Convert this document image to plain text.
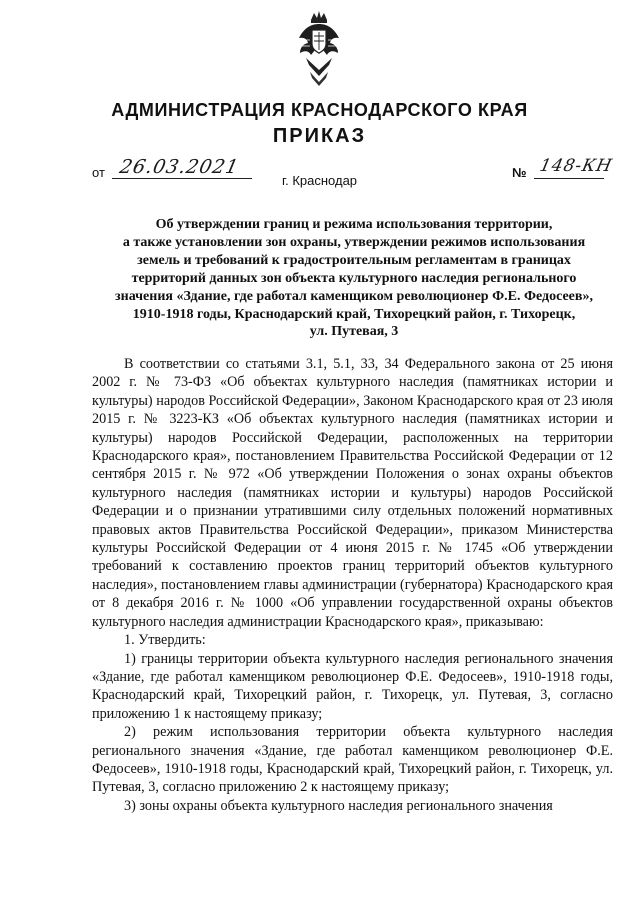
АДМИНИСТРАЦИЯ КРАСНОДАРСКОГО КРАЯ
ПРИКАЗ
от 26.03.2021	№ 148-КН
г. Краснодар
Об утверждении границ и режима использования территории,
а также установлении зон охраны, утверждении режимов использования
земель и требований к градостроительным регламентам в границах
территорий данных зон объекта культурного наследия регионального
значения «Здание, где работал каменщиком революционер Ф.Е. Федосеев»,
1910-1918 годы, Краснодарский край, Тихорецкий район, г. Тихорецк,
ул. Путевая, 3

В соответствии со статьями 3.1, 5.1, 33, 34 Федерального закона от 25 июня 2002 г. № 73-ФЗ «Об объектах культурного наследия (памятниках истории и культуры) народов Российской Федерации», Законом Краснодарского края от 23 июля 2015 г. № 3223-КЗ «Об объектах культурного наследия (памятниках истории и культуры) народов Российской Федерации, расположенных на территории Краснодарского края», постановлением Правительства Российской Федерации от 12 сентября 2015 г. № 972 «Об утверждении Положения о зонах охраны объектов культурного наследия (памятниках истории и культуры) народов Российской Федерации и о признании утратившими силу отдельных положений нормативных правовых актов Правительства Российской Федерации», приказом Министерства культуры Российской Федерации от 4 июня 2015 г. № 1745 «Об утверждении требований к составлению проектов границ территорий объектов культурного наследия», постановлением главы администрации (губернатора) Краснодарского края от 8 декабря 2016 г. № 1000 «Об управлении государственной охраны объектов культурного наследия администрации Краснодарского края», приказываю:

1. Утвердить:

1) границы территории объекта культурного наследия регионального значения «Здание, где работал каменщиком революционер Ф.Е. Федосеев», 1910-1918 годы, Краснодарский край, Тихорецкий район, г. Тихорецк, ул. Путевая, 3, согласно приложению 1 к настоящему приказу;

2) режим использования территории объекта культурного наследия регионального значения «Здание, где работал каменщиком революционер Ф.Е. Федосеев», 1910-1918 годы, Краснодарский край, Тихорецкий район, г. Тихорецк, ул. Путевая, 3, согласно приложению 2 к настоящему приказу;

3) зоны охраны объекта культурного наследия регионального значения
